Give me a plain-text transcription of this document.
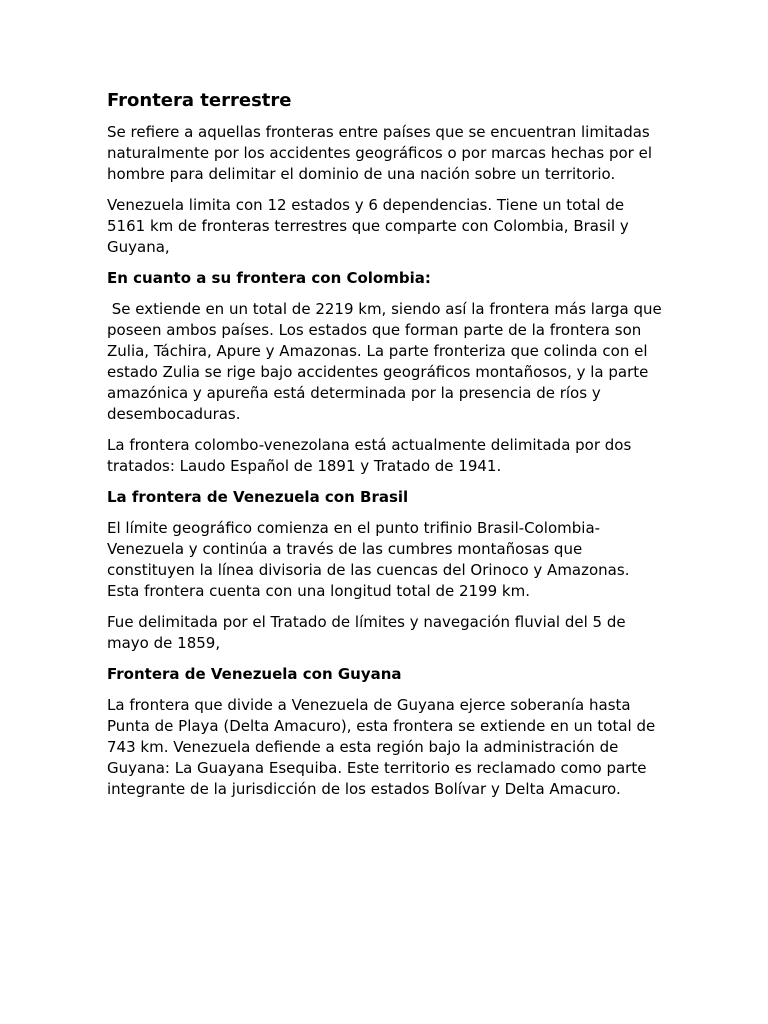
Frontera terrestre
Se refiere a aquellas fronteras entre países que se encuentran limitadas naturalmente por los accidentes geográficos o por marcas hechas por el hombre para delimitar el dominio de una nación sobre un territorio.
Venezuela limita con 12 estados y 6 dependencias. Tiene un total de 5161 km de fronteras terrestres que comparte con Colombia, Brasil y Guyana,
En cuanto a su frontera con Colombia:
Se extiende en un total de 2219 km, siendo así la frontera más larga que poseen ambos países. Los estados que forman parte de la frontera son Zulia, Táchira, Apure y Amazonas. La parte fronteriza que colinda con el estado Zulia se rige bajo accidentes geográficos montañosos, y la parte amazónica y apureña está determinada por la presencia de ríos y desembocaduras.
La frontera colombo-venezolana está actualmente delimitada por dos tratados: Laudo Español de 1891 y Tratado de 1941.
La frontera de Venezuela con Brasil
El límite geográfico comienza en el punto trifinio Brasil-Colombia-Venezuela y continúa a través de las cumbres montañosas que constituyen la línea divisoria de las cuencas del Orinoco y Amazonas. Esta frontera cuenta con una longitud total de 2199 km.
Fue delimitada por el Tratado de límites y navegación fluvial del 5 de mayo de 1859,
Frontera de Venezuela con Guyana
La frontera que divide a Venezuela de Guyana ejerce soberanía hasta Punta de Playa (Delta Amacuro), esta frontera se extiende en un total de 743 km. Venezuela defiende a esta región bajo la administración de Guyana: La Guayana Esequiba. Este territorio es reclamado como parte integrante de la jurisdicción de los estados Bolívar y Delta Amacuro.
